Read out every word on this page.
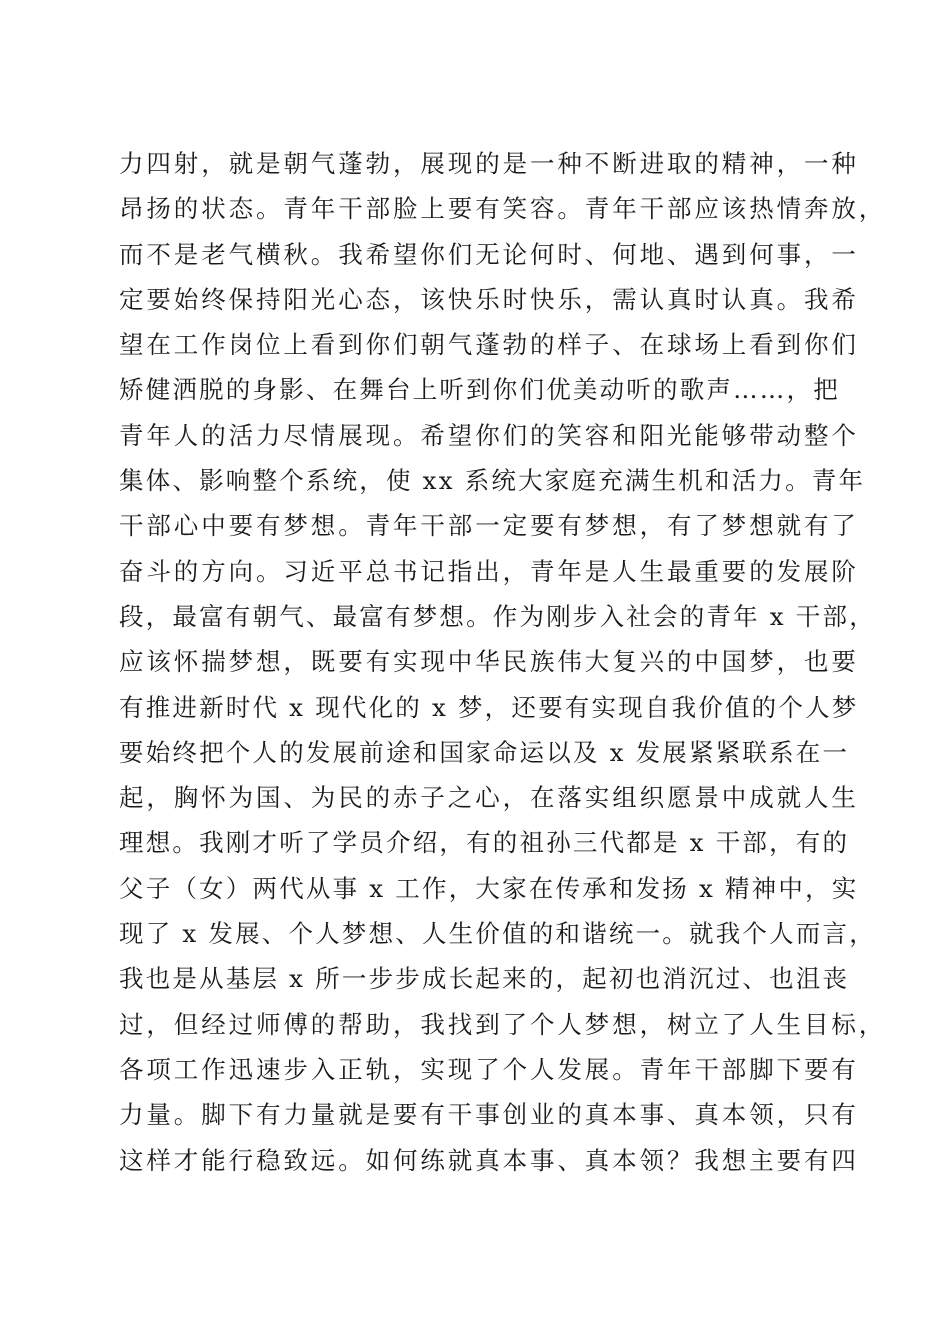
力四射，就是朝气蓬勃，展现的是一种不断进取的精神，一种
昂扬的状态。青年干部脸上要有笑容。青年干部应该热情奔放，
而不是老气横秋。我希望你们无论何时、何地、遇到何事，一
定要始终保持阳光心态，该快乐时快乐，需认真时认真。我希
望在工作岗位上看到你们朝气蓬勃的样子、在球场上看到你们
矫健洒脱的身影、在舞台上听到你们优美动听的歌声……，把
青年人的活力尽情展现。希望你们的笑容和阳光能够带动整个
集体、影响整个系统，使 xx 系统大家庭充满生机和活力。青年
干部心中要有梦想。青年干部一定要有梦想，有了梦想就有了
奋斗的方向。习近平总书记指出，青年是人生最重要的发展阶
段，最富有朝气、最富有梦想。作为刚步入社会的青年 x 干部，
应该怀揣梦想，既要有实现中华民族伟大复兴的中国梦，也要
有推进新时代 x 现代化的 x 梦，还要有实现自我价值的个人梦
要始终把个人的发展前途和国家命运以及 x 发展紧紧联系在一
起，胸怀为国、为民的赤子之心，在落实组织愿景中成就人生
理想。我刚才听了学员介绍，有的祖孙三代都是 x 干部，有的
父子（女）两代从事 x 工作，大家在传承和发扬 x 精神中，实
现了 x 发展、个人梦想、人生价值的和谐统一。就我个人而言，
我也是从基层 x 所一步步成长起来的，起初也消沉过、也沮丧
过，但经过师傅的帮助，我找到了个人梦想，树立了人生目标，
各项工作迅速步入正轨，实现了个人发展。青年干部脚下要有
力量。脚下有力量就是要有干事创业的真本事、真本领，只有
这样才能行稳致远。如何练就真本事、真本领？我想主要有四
